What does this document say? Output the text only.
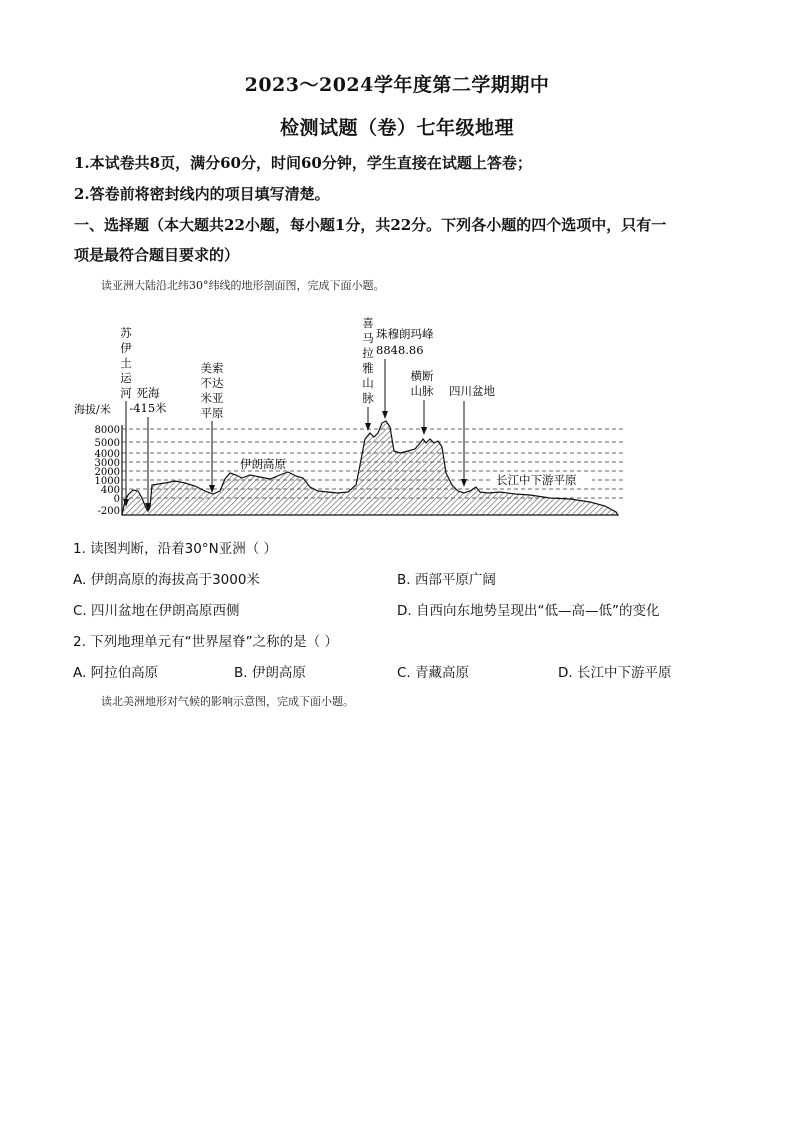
2023～2024学年度第二学期期中
检测试题（卷）七年级地理
1.本试卷共8页，满分60分，时间60分钟，学生直接在试题上答卷；
2.答卷前将密封线内的项目填写清楚。
一、选择题（本大题共22小题，每小题1分，共22分。下列各小题的四个选项中，只有一
项是最符合题目要求的）
读亚洲大陆沿北纬30°纬线的地形剖面图，完成下面小题。
海拔/米
8000
5000
4000
3000
2000
1000
400
0
-200
苏
伊
土
运
河 死海
-415米
美索
不达
米亚
平原
伊朗高原
喜
马
拉
雅
山
脉
珠穆朗玛峰
8848.86
横断
山脉 四川盆地
长江中下游平原
1. 读图判断，沿着30°N亚洲（ ）
A. 伊朗高原的海拔高于3000米	B. 西部平原广阔
C. 四川盆地在伊朗高原西侧	D. 自西向东地势呈现出“低—高—低”的变化
2. 下列地理单元有“世界屋脊”之称的是（ ）
A. 阿拉伯高原	B. 伊朗高原	C. 青藏高原	D. 长江中下游平原
读北美洲地形对气候的影响示意图，完成下面小题。
